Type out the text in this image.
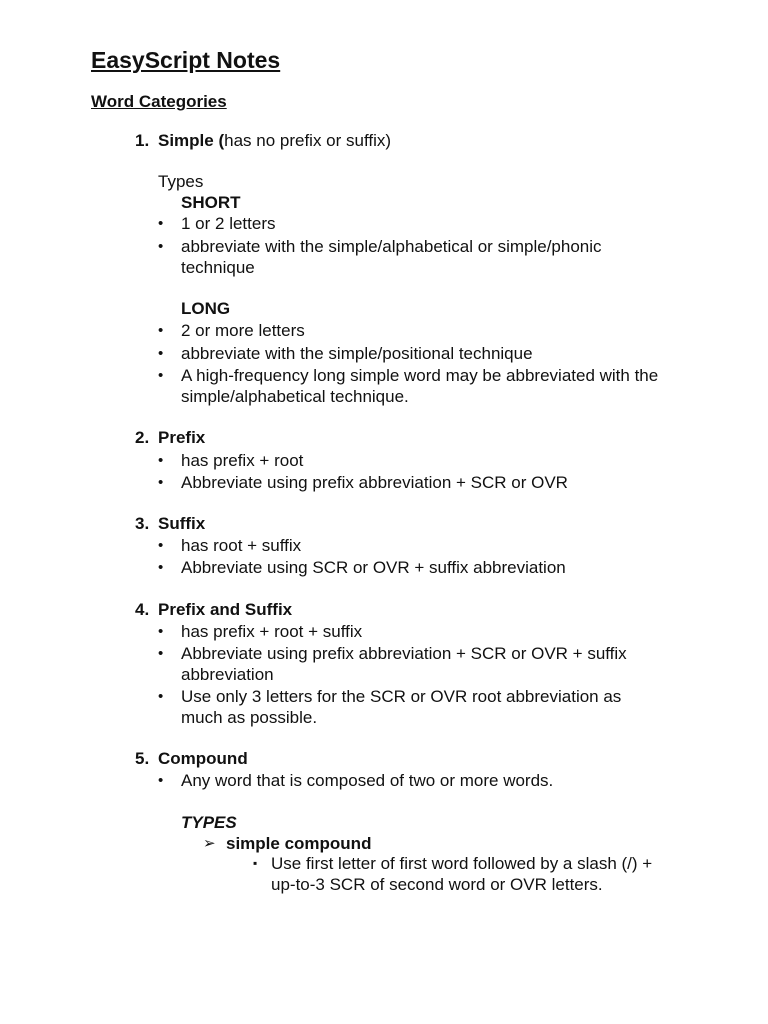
EasyScript Notes
Word Categories
1. Simple (has no prefix or suffix)
Types
SHORT
• 1 or 2 letters
• abbreviate with the simple/alphabetical or simple/phonic
technique
LONG
• 2 or more letters
• abbreviate with the simple/positional technique
• A high-frequency long simple word may be abbreviated with the
simple/alphabetical technique.
2. Prefix
• has prefix + root
• Abbreviate using prefix abbreviation + SCR or OVR
3. Suffix
• has root + suffix
• Abbreviate using SCR or OVR + suffix abbreviation
4. Prefix and Suffix
• has prefix + root + suffix
• Abbreviate using prefix abbreviation + SCR or OVR + suffix
abbreviation
• Use only 3 letters for the SCR or OVR root abbreviation as
much as possible.
5. Compound
• Any word that is composed of two or more words.
TYPES
➢ simple compound
▪ Use first letter of first word followed by a slash (/) +
up-to-3 SCR of second word or OVR letters.
